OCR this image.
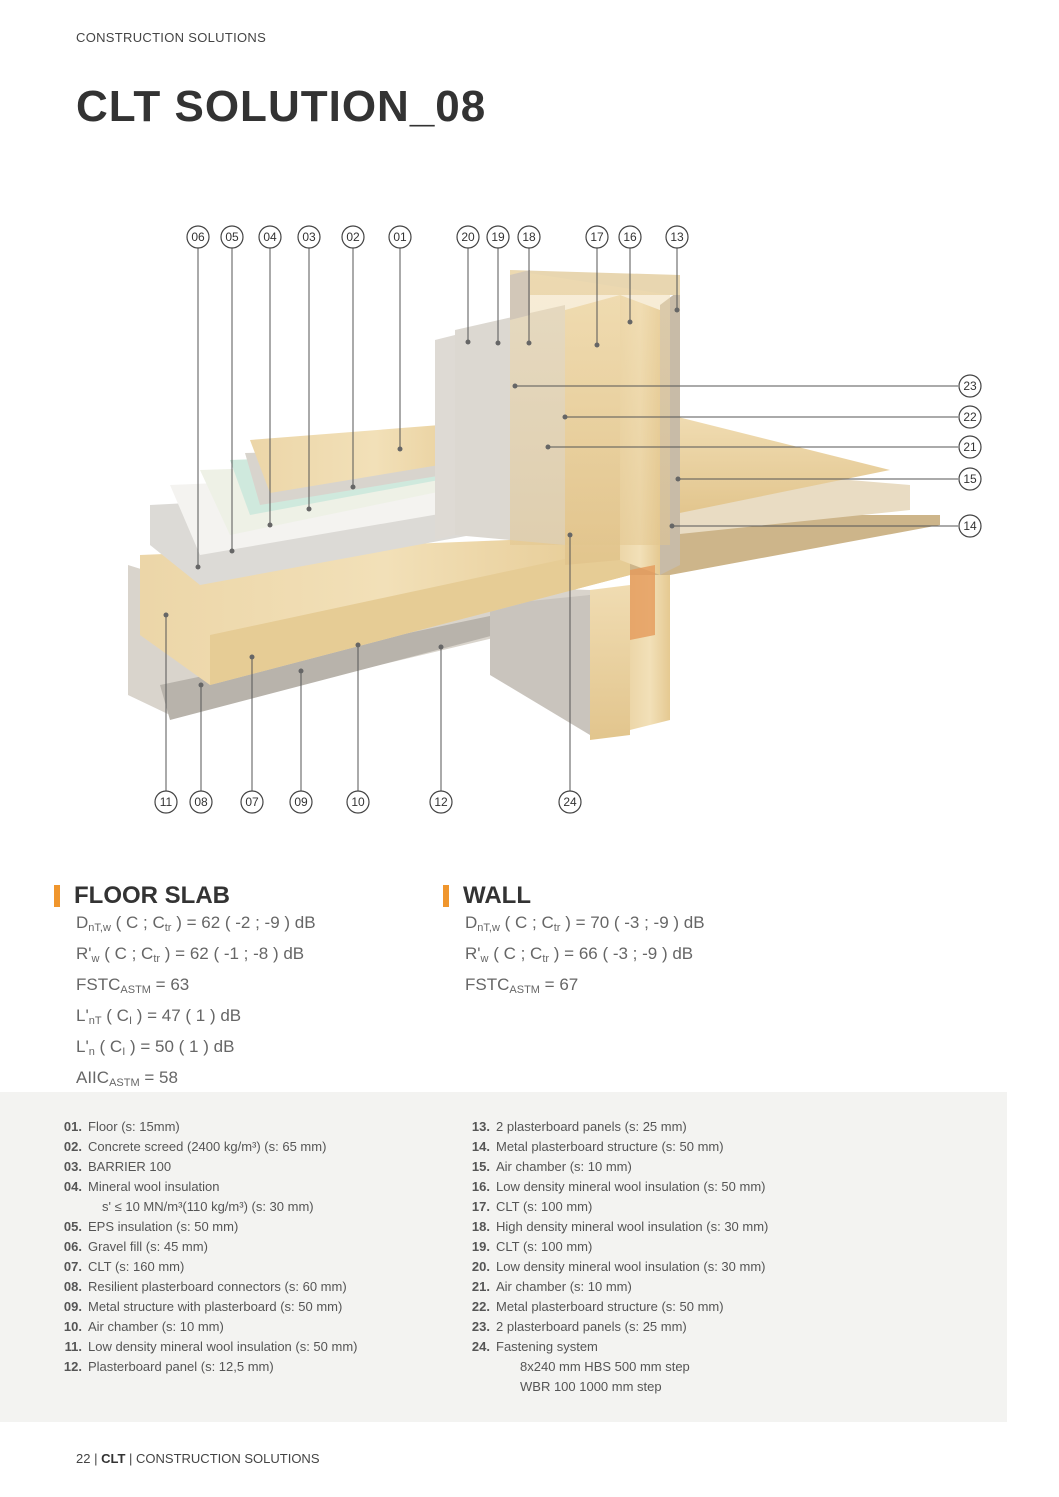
CONSTRUCTION SOLUTIONS
CLT SOLUTION_08
06 05 04 03	02	01	20 19 18	17 16	13
23
22
21
15
14
11 08	07	09	10	12	24
FLOOR SLAB
$D_{nT,w}$ ( C ; $C_{tr}$ ) = 62 ( -2 ; -9 ) dB
$R'_w$ ( C ; $C_{tr}$ ) = 62 ( -1 ; -8 ) dB
$FSTC_{ASTM} = 63$
$L'_{nT}$ ( $C_I$ ) = 47 ( 1 ) dB
$L'_n$ ( $C_I$ ) = 50 ( 1 ) dB
$AIIC_{ASTM} = 58$
WALL
$D_{nT,w}$ ( C ; $C_{tr}$ ) = 70 ( -3 ; -9 ) dB
$R'_w$ ( C ; $C_{tr}$ ) = 66 ( -3 ; -9 ) dB
$FSTC_{ASTM} = 67$
01. Floor (s: 15mm)
02. Concrete screed (2400 kg/m³) (s: 65 mm)
03. BARRIER 100
04. Mineral wool insulation
s' ≤ 10 MN/m³(110 kg/m³) (s: 30 mm)
05. EPS insulation (s: 50 mm)
06. Gravel fill (s: 45 mm)
07. CLT (s: 160 mm)
08. Resilient plasterboard connectors (s: 60 mm)
09. Metal structure with plasterboard (s: 50 mm)
10. Air chamber (s: 10 mm)
11. Low density mineral wool insulation (s: 50 mm)
12. Plasterboard panel (s: 12,5 mm)
13. 2 plasterboard panels (s: 25 mm)
14. Metal plasterboard structure (s: 50 mm)
15. Air chamber (s: 10 mm)
16. Low density mineral wool insulation (s: 50 mm)
17. CLT (s: 100 mm)
18. High density mineral wool insulation (s: 30 mm)
19. CLT (s: 100 mm)
20. Low density mineral wool insulation (s: 30 mm)
21. Air chamber (s: 10 mm)
22. Metal plasterboard structure (s: 50 mm)
23. 2 plasterboard panels (s: 25 mm)
24. Fastening system
8x240 mm HBS 500 mm step
WBR 100 1000 mm step
22 | CLT | CONSTRUCTION SOLUTIONS
